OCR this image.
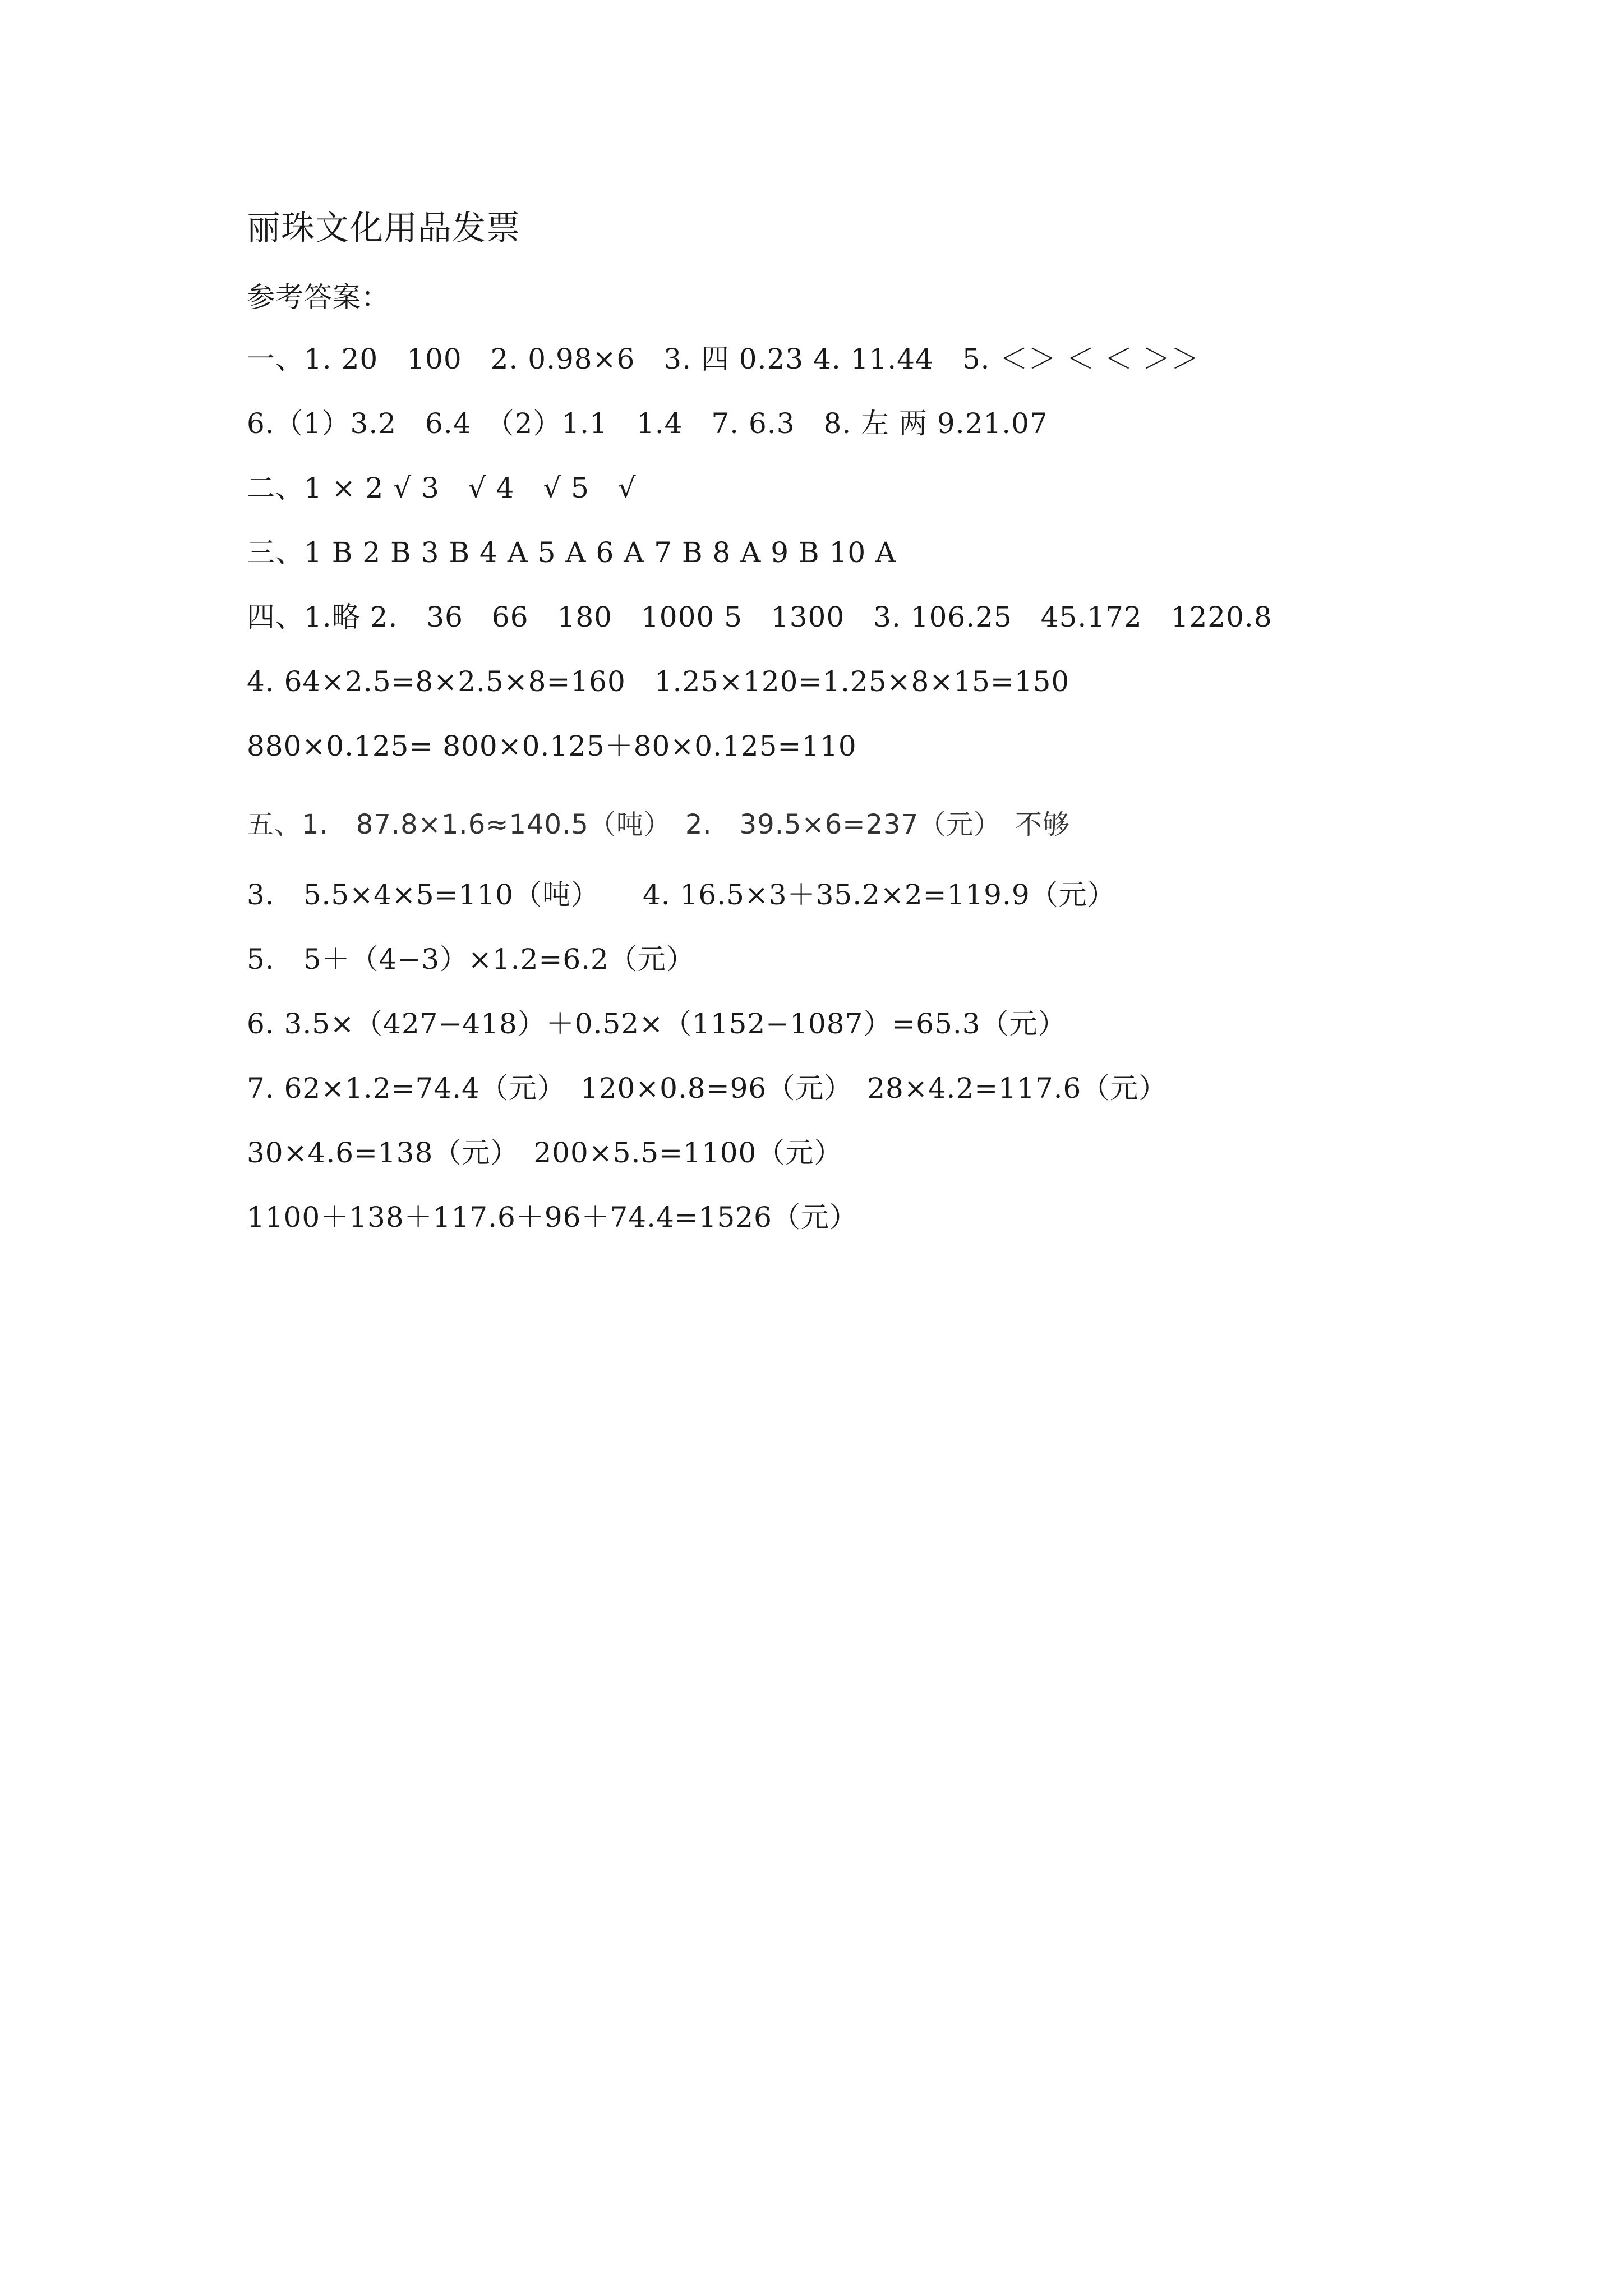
丽珠文化用品发票
参考答案：
一、1. 20　100　2. 0.98×6　3. 四 0.23 4. 11.44　5. ＜＞ ＜ ＜ ＞＞
6.（1）3.2　6.4　（2）1.1　1.4　7. 6.3　8. 左 两 9.21.07
二、1 × 2 √ 3　√ 4　√ 5　√
三、1 B 2 B 3 B 4 A 5 A 6 A 7 B 8 A 9 B 10 A
四、1.略 2.　36　66　180　1000 5　1300　3. 106.25　45.172　1220.8
4. 64×2.5=8×2.5×8=160　1.25×120=1.25×8×15=150
880×0.125= 800×0.125＋80×0.125=110
五、1.　87.8×1.6≈140.5（吨）　2.　39.5×6=237（元）　不够
3.　5.5×4×5=110（吨）　　4. 16.5×3＋35.2×2=119.9（元）
5.　5＋（4−3）×1.2=6.2（元）
6. 3.5×（427−418）＋0.52×（1152−1087）=65.3（元）
7. 62×1.2=74.4（元）　120×0.8=96（元）　28×4.2=117.6（元）
30×4.6=138（元）　200×5.5=1100（元）
1100＋138＋117.6＋96＋74.4=1526（元）
